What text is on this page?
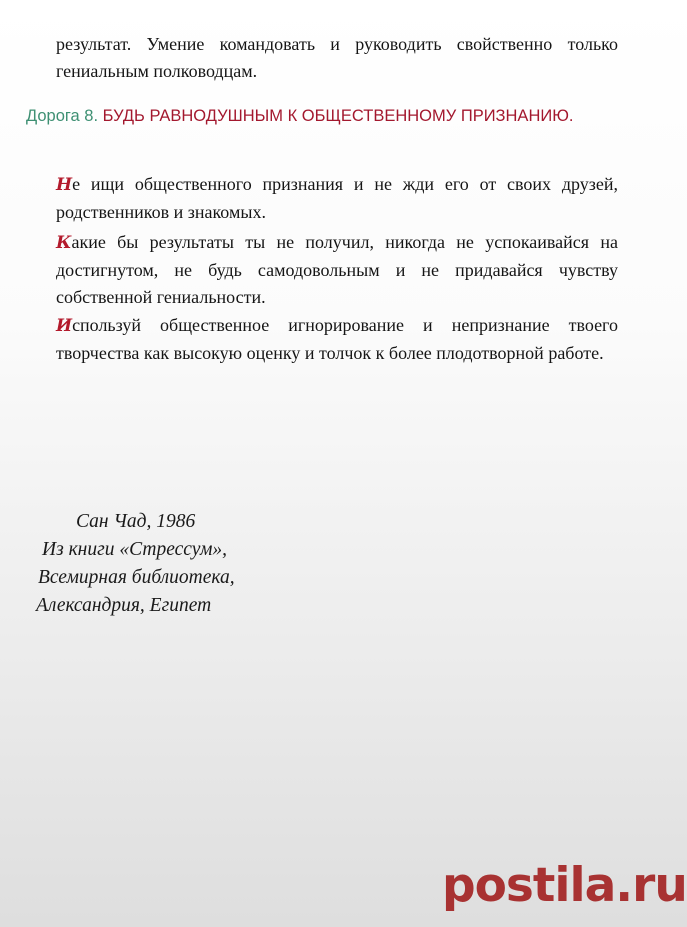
результат. Умение командовать и руководить свойственно только гениальным полководцам.

Дорога 8. БУДЬ РАВНОДУШНЫМ К ОБЩЕСТВЕННОМУ ПРИЗНАНИЮ.

Не ищи общественного признания и не жди его от своих друзей, родственников и знакомых.

Какие бы результаты ты не получил, никогда не успокаивайся на достигнутом, не будь самодовольным и не придавайся чувству собственной гениальности.

Используй общественное игнорирование и непризнание твоего творчества как высокую оценку и толчок к более плодотворной работе.

Сан Чад, 1986
Из книги «Стрессум»,
Всемирная библиотека,
Александрия, Египет
postila.ru
